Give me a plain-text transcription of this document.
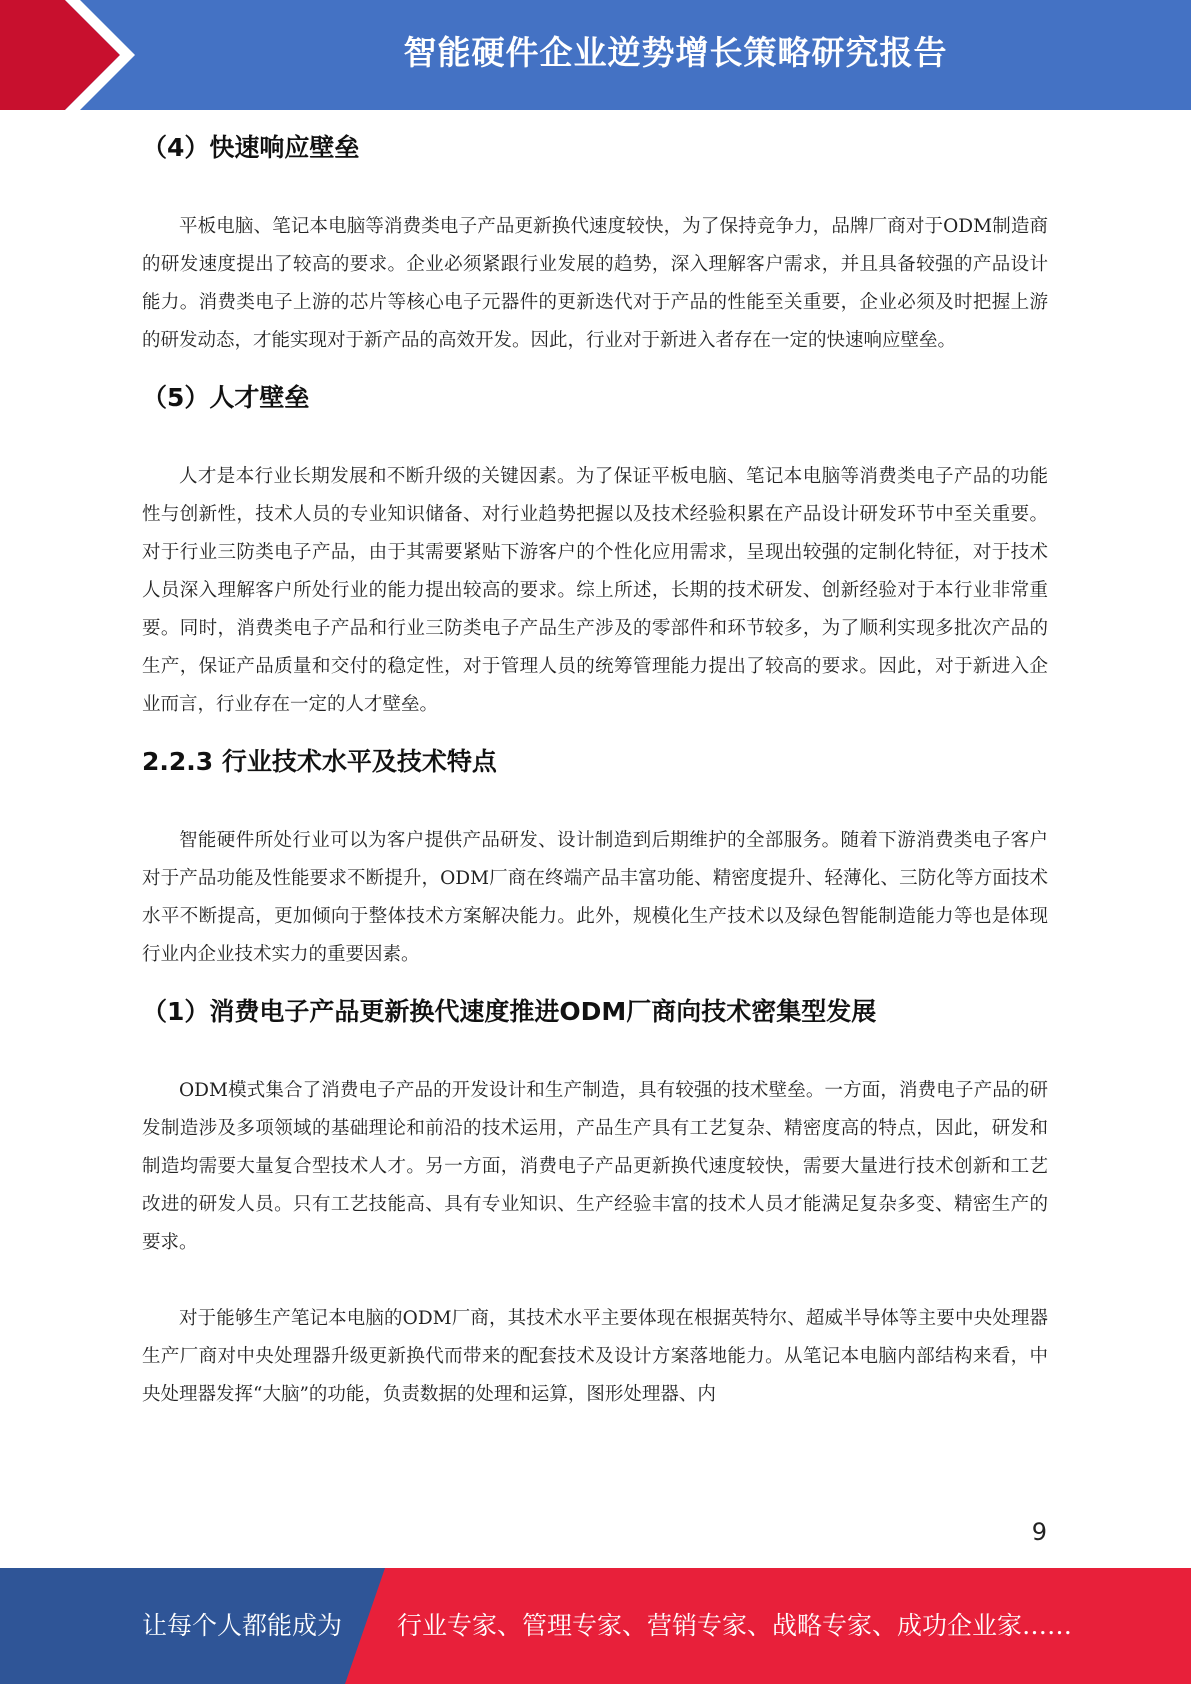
智能硬件企业逆势增长策略研究报告
（4）快速响应壁垒

平板电脑、笔记本电脑等消费类电子产品更新换代速度较快，为了保持竞争力，品牌厂商对于ODM制造商的研发速度提出了较高的要求。企业必须紧跟行业发展的趋势，深入理解客户需求，并且具备较强的产品设计能力。消费类电子上游的芯片等核心电子元器件的更新迭代对于产品的性能至关重要，企业必须及时把握上游的研发动态，才能实现对于新产品的高效开发。因此，行业对于新进入者存在一定的快速响应壁垒。

（5）人才壁垒

人才是本行业长期发展和不断升级的关键因素。为了保证平板电脑、笔记本电脑等消费类电子产品的功能性与创新性，技术人员的专业知识储备、对行业趋势把握以及技术经验积累在产品设计研发环节中至关重要。对于行业三防类电子产品，由于其需要紧贴下游客户的个性化应用需求，呈现出较强的定制化特征，对于技术人员深入理解客户所处行业的能力提出较高的要求。综上所述，长期的技术研发、创新经验对于本行业非常重要。同时，消费类电子产品和行业三防类电子产品生产涉及的零部件和环节较多，为了顺利实现多批次产品的生产，保证产品质量和交付的稳定性，对于管理人员的统筹管理能力提出了较高的要求。因此，对于新进入企业而言，行业存在一定的人才壁垒。

2.2.3 行业技术水平及技术特点

智能硬件所处行业可以为客户提供产品研发、设计制造到后期维护的全部服务。随着下游消费类电子客户对于产品功能及性能要求不断提升，ODM厂商在终端产品丰富功能、精密度提升、轻薄化、三防化等方面技术水平不断提高，更加倾向于整体技术方案解决能力。此外，规模化生产技术以及绿色智能制造能力等也是体现行业内企业技术实力的重要因素。

（1）消费电子产品更新换代速度推进ODM厂商向技术密集型发展

ODM模式集合了消费电子产品的开发设计和生产制造，具有较强的技术壁垒。一方面，消费电子产品的研发制造涉及多项领域的基础理论和前沿的技术运用，产品生产具有工艺复杂、精密度高的特点，因此，研发和制造均需要大量复合型技术人才。另一方面，消费电子产品更新换代速度较快，需要大量进行技术创新和工艺改进的研发人员。只有工艺技能高、具有专业知识、生产经验丰富的技术人员才能满足复杂多变、精密生产的要求。

对于能够生产笔记本电脑的ODM厂商，其技术水平主要体现在根据英特尔、超威半导体等主要中央处理器生产厂商对中央处理器升级更新换代而带来的配套技术及设计方案落地能力。从笔记本电脑内部结构来看，中央处理器发挥“大脑”的功能，负责数据的处理和运算，图形处理器、内

9
让每个人都能成为 行业专家、管理专家、营销专家、战略专家、成功企业家……
